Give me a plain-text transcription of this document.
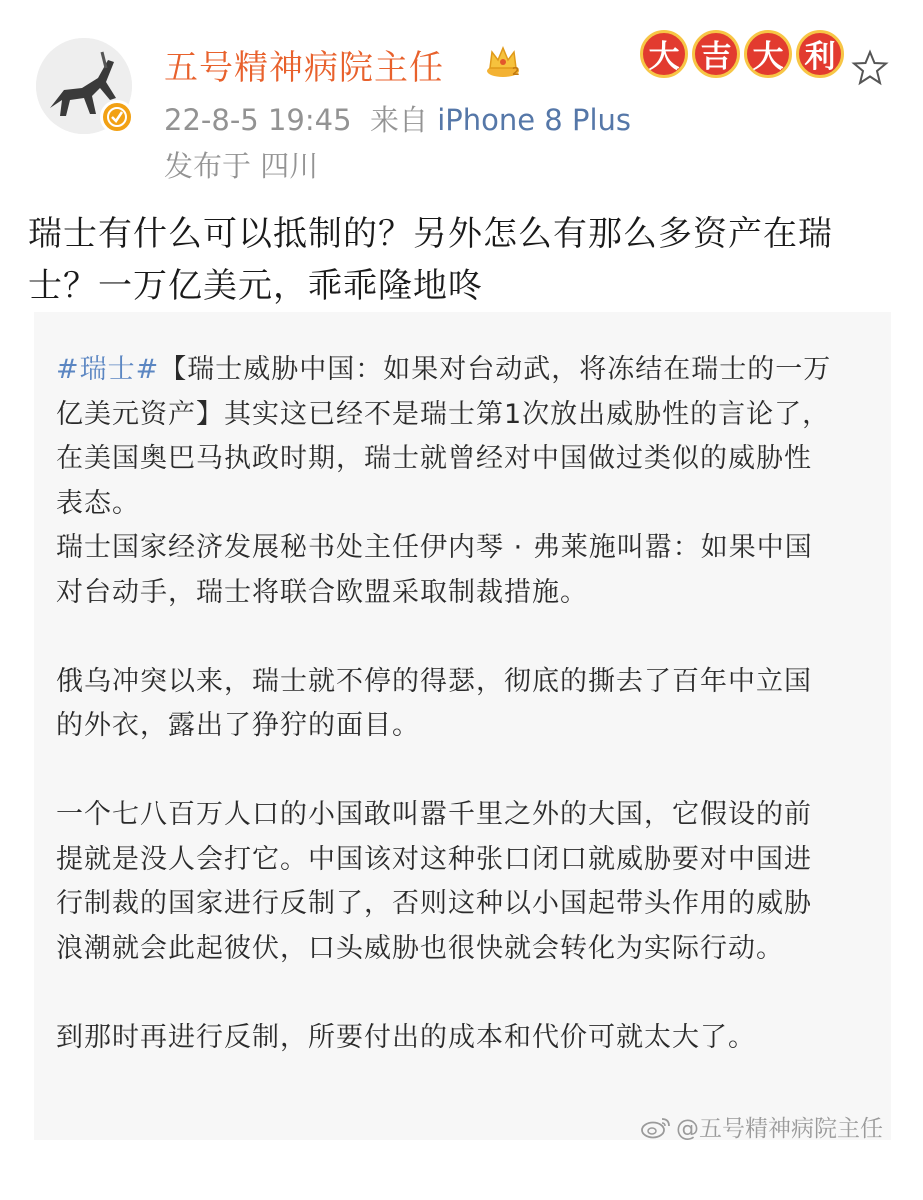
五号精神病院主任	2
22-8-5 19:45 来自 iPhone 8 Plus
发布于 四川
大 吉 大 利
瑞士有什么可以抵制的？另外怎么有那么多资产在瑞士？一万亿美元，乖乖隆地咚

#瑞士#【瑞士威胁中国：如果对台动武，将冻结在瑞士的一万亿美元资产】其实这已经不是瑞士第1次放出威胁性的言论了，在美国奥巴马执政时期，瑞士就曾经对中国做过类似的威胁性表态。

瑞士国家经济发展秘书处主任伊内琴 · 弗莱施叫嚣：如果中国对台动手，瑞士将联合欧盟采取制裁措施。

俄乌冲突以来，瑞士就不停的得瑟，彻底的撕去了百年中立国的外衣，露出了狰狞的面目。

一个七八百万人口的小国敢叫嚣千里之外的大国，它假设的前提就是没人会打它。中国该对这种张口闭口就威胁要对中国进行制裁的国家进行反制了，否则这种以小国起带头作用的威胁浪潮就会此起彼伏，口头威胁也很快就会转化为实际行动。

到那时再进行反制，所要付出的成本和代价可就太大了。

@五号精神病院主任
